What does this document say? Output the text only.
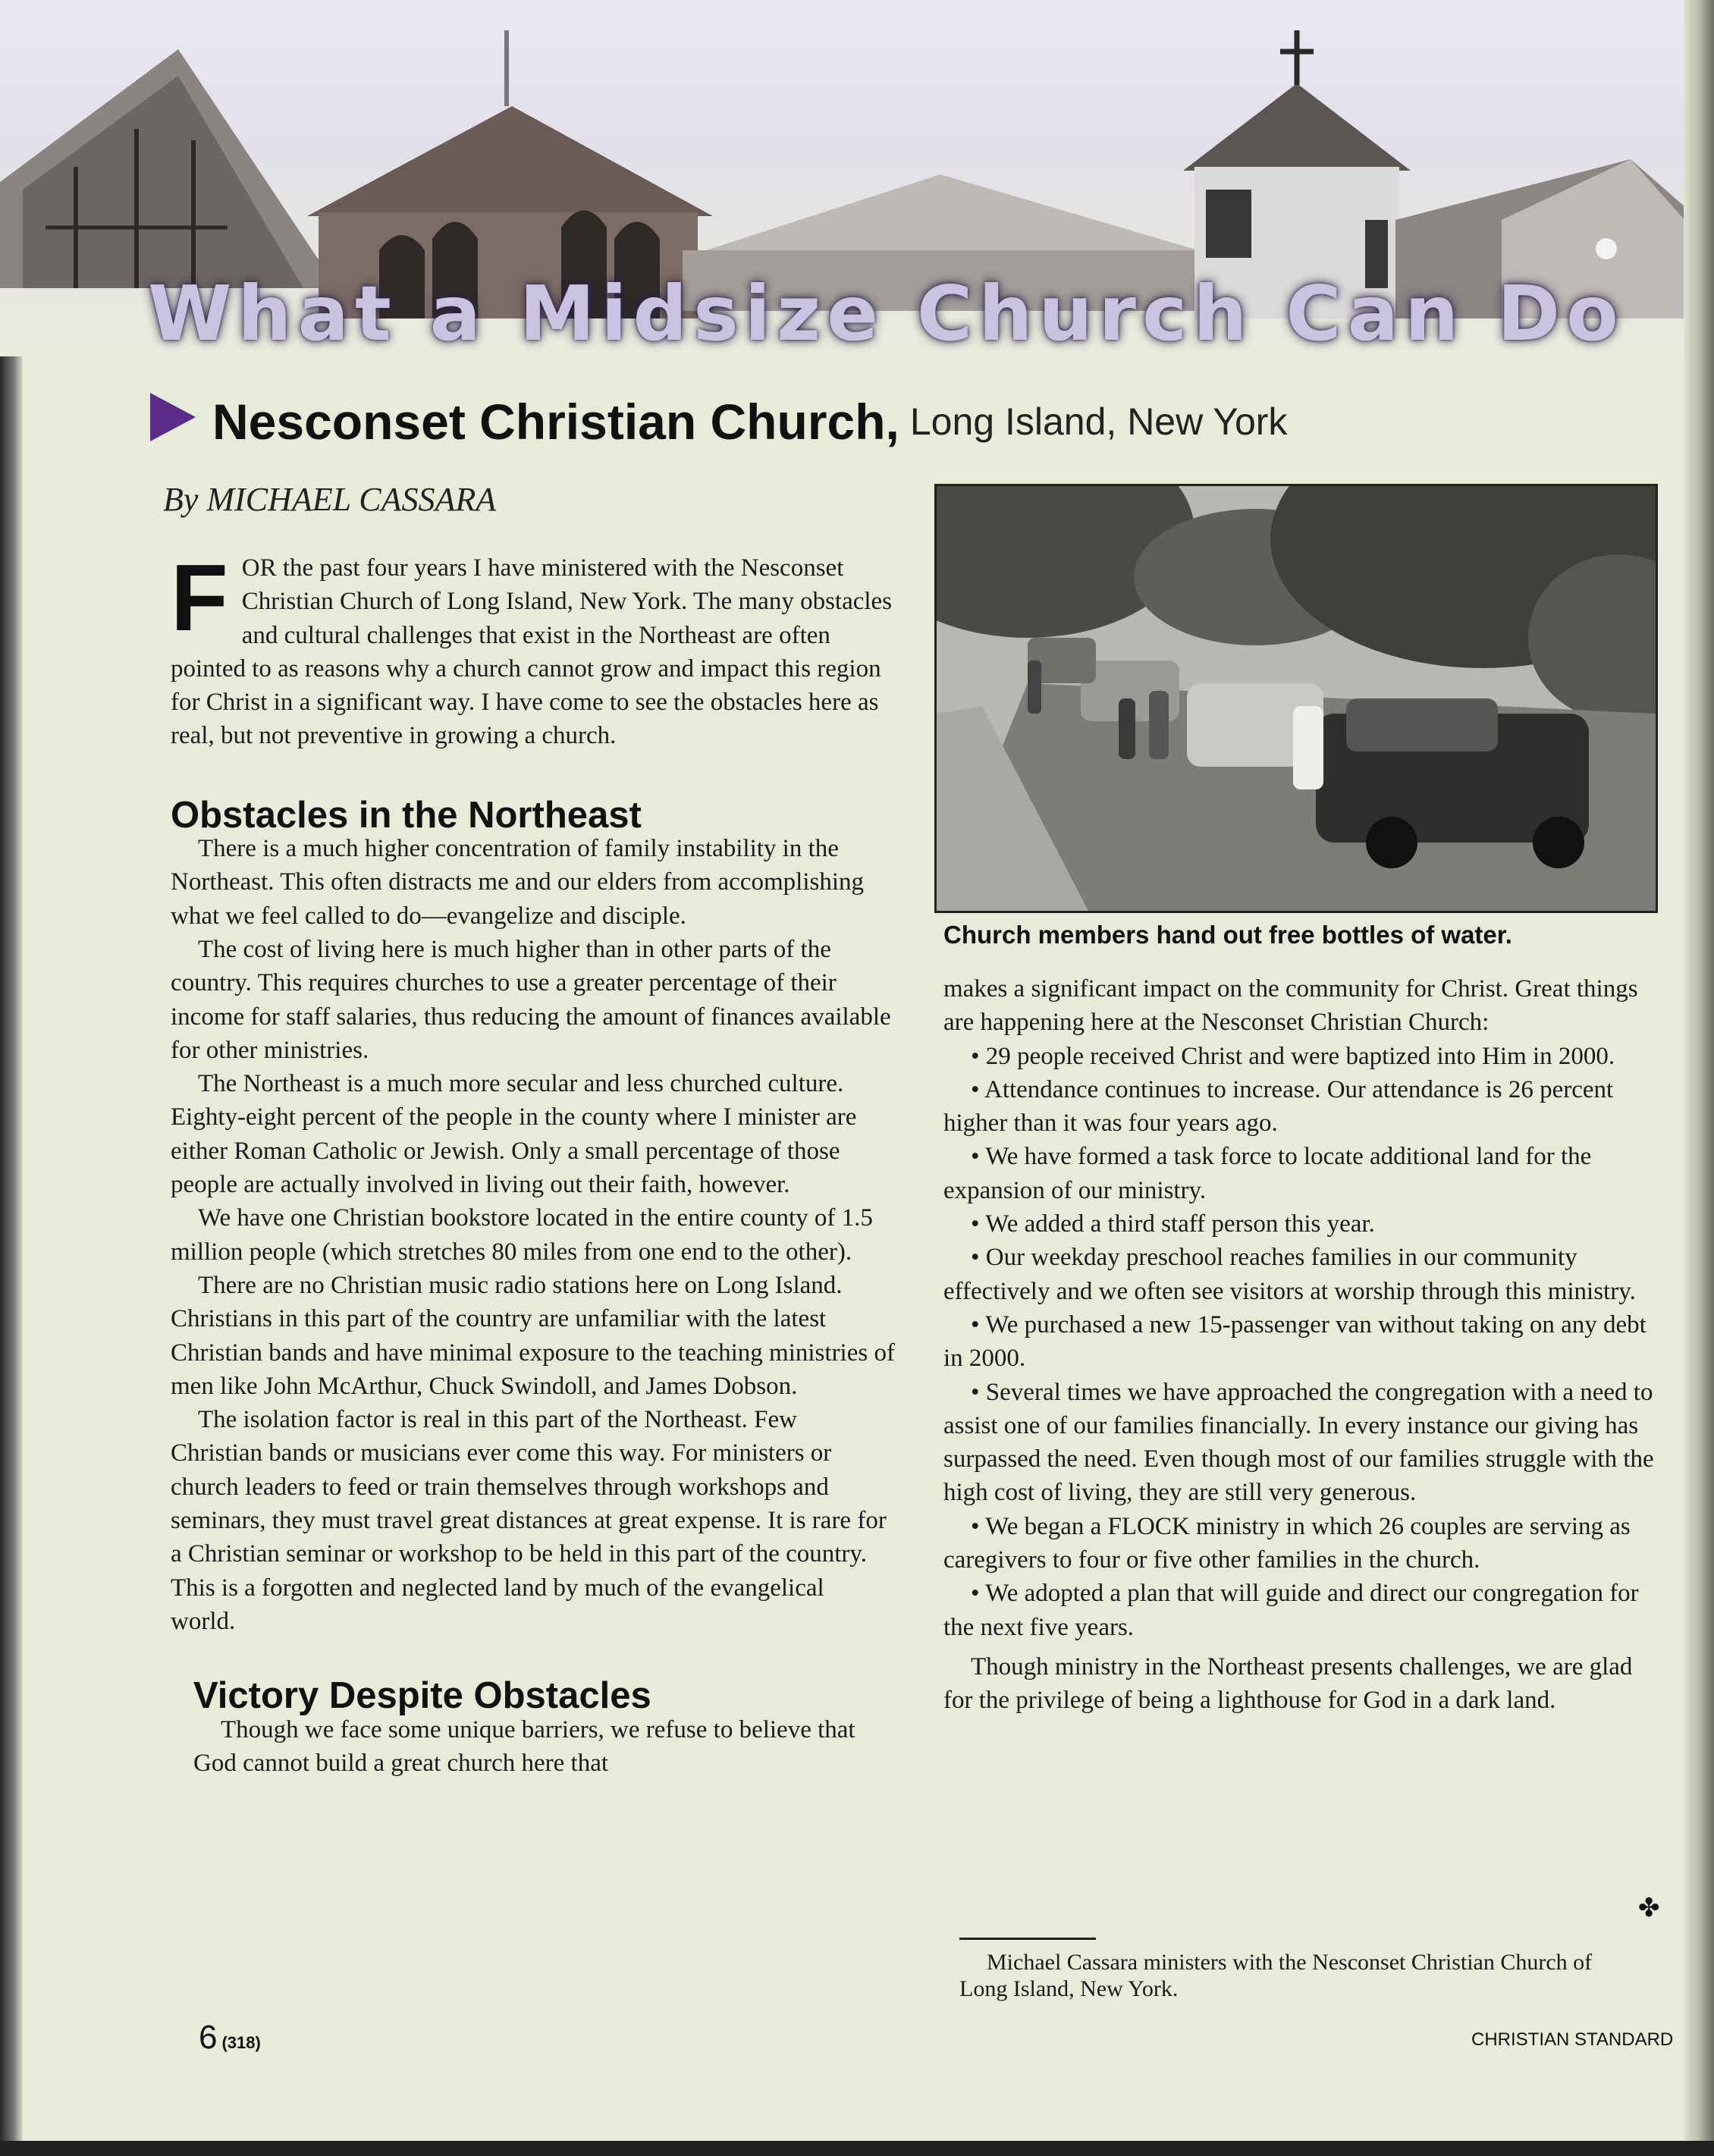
What a Midsize Church Can Do
Nesconset Christian Church, Long Island, New York
By MICHAEL CASSARA

FOR the past four years I have ministered with the Nesconset Christian Church of Long Island, New York. The many obstacles and cultural challenges that exist in the Northeast are often pointed to as reasons why a church cannot grow and impact this region for Christ in a significant way. I have come to see the obstacles here as real, but not preventive in growing a church.

Obstacles in the Northeast

There is a much higher concentration of family instability in the Northeast. This often distracts me and our elders from accomplishing what we feel called to do—evangelize and disciple.

The cost of living here is much higher than in other parts of the country. This requires churches to use a greater percentage of their income for staff salaries, thus reducing the amount of finances available for other ministries.

The Northeast is a much more secular and less churched culture. Eighty-eight percent of the people in the county where I minister are either Roman Catholic or Jewish. Only a small percentage of those people are actually involved in living out their faith, however.

We have one Christian bookstore located in the entire county of 1.5 million people (which stretches 80 miles from one end to the other).

There are no Christian music radio stations here on Long Island. Christians in this part of the country are unfamiliar with the latest Christian bands and have minimal exposure to the teaching ministries of men like John McArthur, Chuck Swindoll, and James Dobson.

The isolation factor is real in this part of the Northeast. Few Christian bands or musicians ever come this way. For ministers or church leaders to feed or train themselves through workshops and seminars, they must travel great distances at great expense. It is rare for a Christian seminar or workshop to be held in this part of the country. This is a forgotten and neglected land by much of the evangelical world.

Victory Despite Obstacles

Though we face some unique barriers, we refuse to believe that God cannot build a great church here that

Church members hand out free bottles of water.

makes a significant impact on the community for Christ. Great things are happening here at the Nesconset Christian Church:

• 29 people received Christ and were baptized into Him in 2000.

• Attendance continues to increase. Our attendance is 26 percent higher than it was four years ago.

• We have formed a task force to locate additional land for the expansion of our ministry.

• We added a third staff person this year.

• Our weekday preschool reaches families in our community effectively and we often see visitors at worship through this ministry.

• We purchased a new 15-passenger van without taking on any debt in 2000.

• Several times we have approached the congregation with a need to assist one of our families financially. In every instance our giving has surpassed the need. Even though most of our families struggle with the high cost of living, they are still very generous.

• We began a FLOCK ministry in which 26 couples are serving as caregivers to four or five other families in the church.

• We adopted a plan that will guide and direct our congregation for the next five years.

Though ministry in the Northeast presents challenges, we are glad for the privilege of being a lighthouse for God in a dark land.

✤
Michael Cassara ministers with the Nesconset Christian Church of Long Island, New York.
6 (318)	CHRISTIAN STANDARD
